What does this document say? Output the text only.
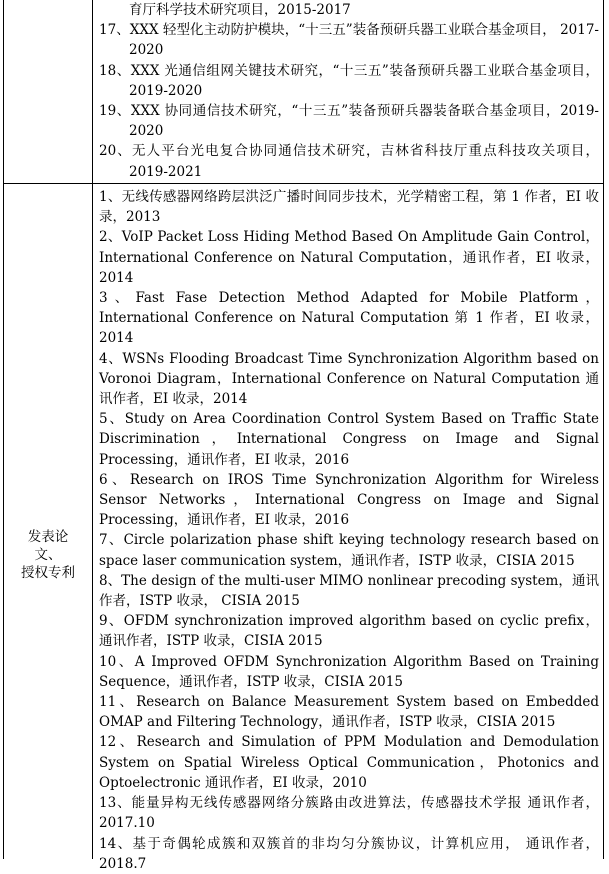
育厅科学技术研究项目，2015-2017

17、XXX 轻型化主动防护模块，“十三五”装备预研兵器工业联合基金项目， 2017-2020

18、XXX 光通信组网关键技术研究，“十三五”装备预研兵器工业联合基金项目，2019-2020

19、XXX 协同通信技术研究，“十三五”装备预研兵器装备联合基金项目，2019-2020

20、无人平台光电复合协同通信技术研究，吉林省科技厅重点科技攻关项目，2019-2021

发表论
文、
授权专利

1、无线传感器网络跨层洪泛广播时间同步技术，光学精密工程，第 1 作者，EI 收录，2013

2、VoIP Packet Loss Hiding Method Based On Amplitude Gain Control，International Conference on Natural Computation，通讯作者，EI 收录，2014

3、Fast Fase Detection Method Adapted for Mobile Platform，International Conference on Natural Computation 第 1 作者，EI 收录，2014

4、WSNs Flooding Broadcast Time Synchronization Algorithm based on Voronoi Diagram，International Conference on Natural Computation 通讯作者，EI 收录，2014

5、Study on Area Coordination Control System Based on Traffic State Discrimination，International Congress on Image and Signal Processing，通讯作者，EI 收录，2016

6、Research on IROS Time Synchronization Algorithm for Wireless Sensor Networks，International Congress on Image and Signal Processing，通讯作者，EI 收录，2016

7、Circle polarization phase shift keying technology research based on space laser communication system，通讯作者，ISTP 收录，CISIA 2015

8、The design of the multi-user MIMO nonlinear precoding system，通讯作者，ISTP 收录， CISIA 2015

9、OFDM synchronization improved algorithm based on cyclic prefix，通讯作者，ISTP 收录，CISIA 2015

10、A Improved OFDM Synchronization Algorithm Based on Training Sequence，通讯作者，ISTP 收录，CISIA 2015

11、Research on Balance Measurement System based on Embedded OMAP and Filtering Technology，通讯作者，ISTP 收录，CISIA 2015

12、Research and Simulation of PPM Modulation and Demodulation System on Spatial Wireless Optical Communication，Photonics and Optoelectronic 通讯作者，EI 收录，2010

13、能量异构无线传感器网络分簇路由改进算法，传感器技术学报 通讯作者，2017.10

14、基于奇偶轮成簇和双簇首的非均匀分簇协议，计算机应用， 通讯作者，2018.7
